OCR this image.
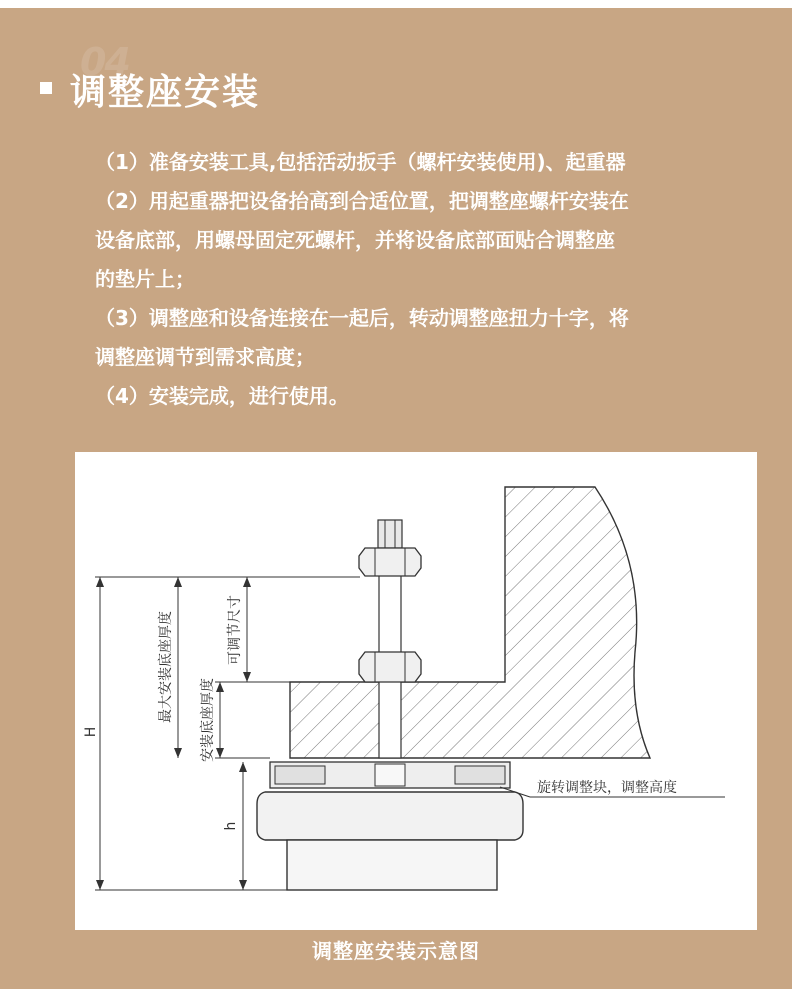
04
调整座安装
（1）准备安装工具,包括活动扳手（螺杆安装使用)、起重器
（2）用起重器把设备抬高到合适位置，把调整座螺杆安装在
设备底部，用螺母固定死螺杆，并将设备底部面贴合调整座
的垫片上；
（3）调整座和设备连接在一起后，转动调整座扭力十字，将
调整座调节到需求高度；
（4）安装完成，进行使用。
H
最大安装底座厚度 安装底座厚度
可调节尺寸
h
旋转调整块，调整高度
调整座安装示意图
